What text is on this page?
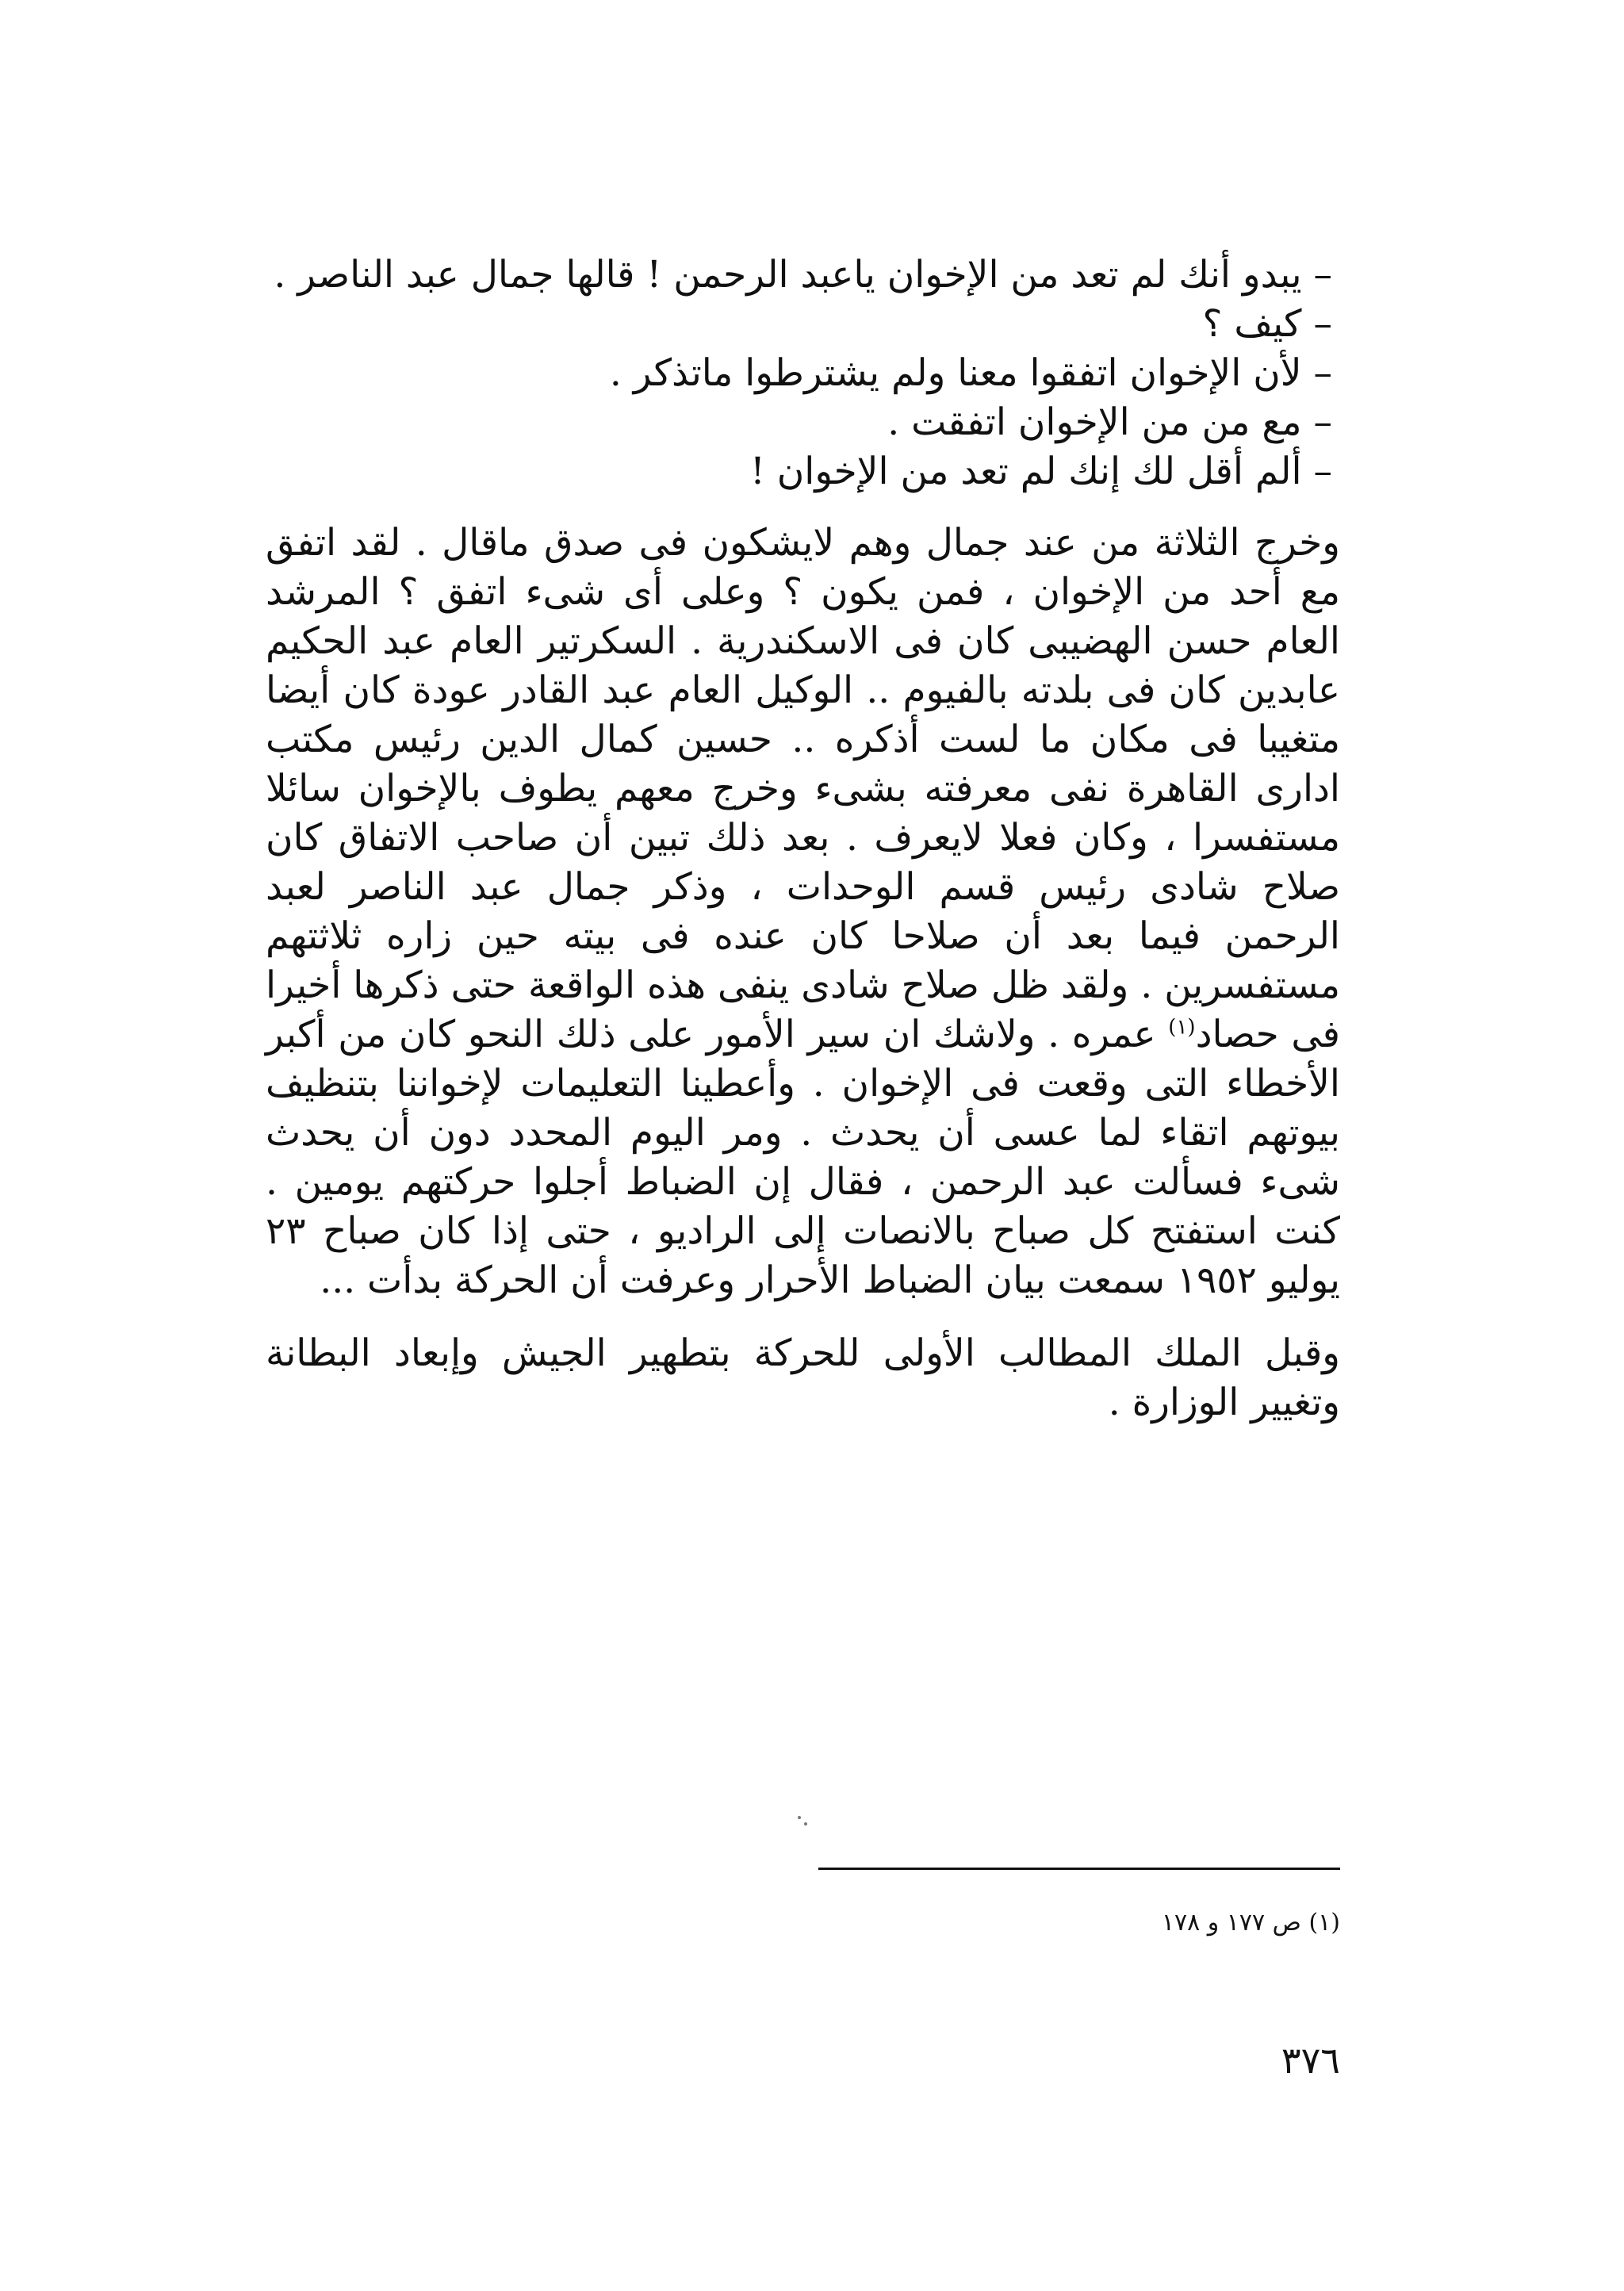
– يبدو أنك لم تعد من الإخوان ياعبد الرحمن ! قالها جمال عبد الناصر .

– كيف ؟

– لأن الإخوان اتفقوا معنا ولم يشترطوا ماتذكر .

– مع من من الإخوان اتفقت .

– ألم أقل لك إنك لم تعد من الإخوان !

وخرج الثلاثة من عند جمال وهم لايشكون فى صدق ماقال . لقد اتفق مع أحد من الإخوان ، فمن يكون ؟ وعلى أى شىء اتفق ؟ المرشد العام حسن الهضيبى كان فى الاسكندرية . السكرتير العام عبد الحكيم عابدين كان فى بلدته بالفيوم .. الوكيل العام عبد القادر عودة كان أيضا متغيبا فى مكان ما لست أذكره .. حسين كمال الدين رئيس مكتب ادارى القاهرة نفى معرفته بشىء وخرج معهم يطوف بالإخوان سائلا مستفسرا ، وكان فعلا لايعرف . بعد ذلك تبين أن صاحب الاتفاق كان صلاح شادى رئيس قسم الوحدات ، وذكر جمال عبد الناصر لعبد الرحمن فيما بعد أن صلاحا كان عنده فى بيته حين زاره ثلاثتهم مستفسرين . ولقد ظل صلاح شادى ينفى هذه الواقعة حتى ذكرها أخيرا فى حصاد$^{(١)}$ عمره . ولاشك ان سير الأمور على ذلك النحو كان من أكبر الأخطاء التى وقعت فى الإخوان . وأعطينا التعليمات لإخواننا بتنظيف بيوتهم اتقاء لما عسى أن يحدث . ومر اليوم المحدد دون أن يحدث شىء فسألت عبد الرحمن ، فقال إن الضباط أجلوا حركتهم يومين . كنت استفتح كل صباح بالانصات إلى الراديو ، حتى إذا كان صباح ٢٣ يوليو ١٩٥٢ سمعت بيان الضباط الأحرار وعرفت أن الحركة بدأت ...

وقبل الملك المطالب الأولى للحركة بتطهير الجيش وإبعاد البطانة وتغيير الوزارة .

(١) ص ١٧٧ و ١٧٨
٣٧٦
